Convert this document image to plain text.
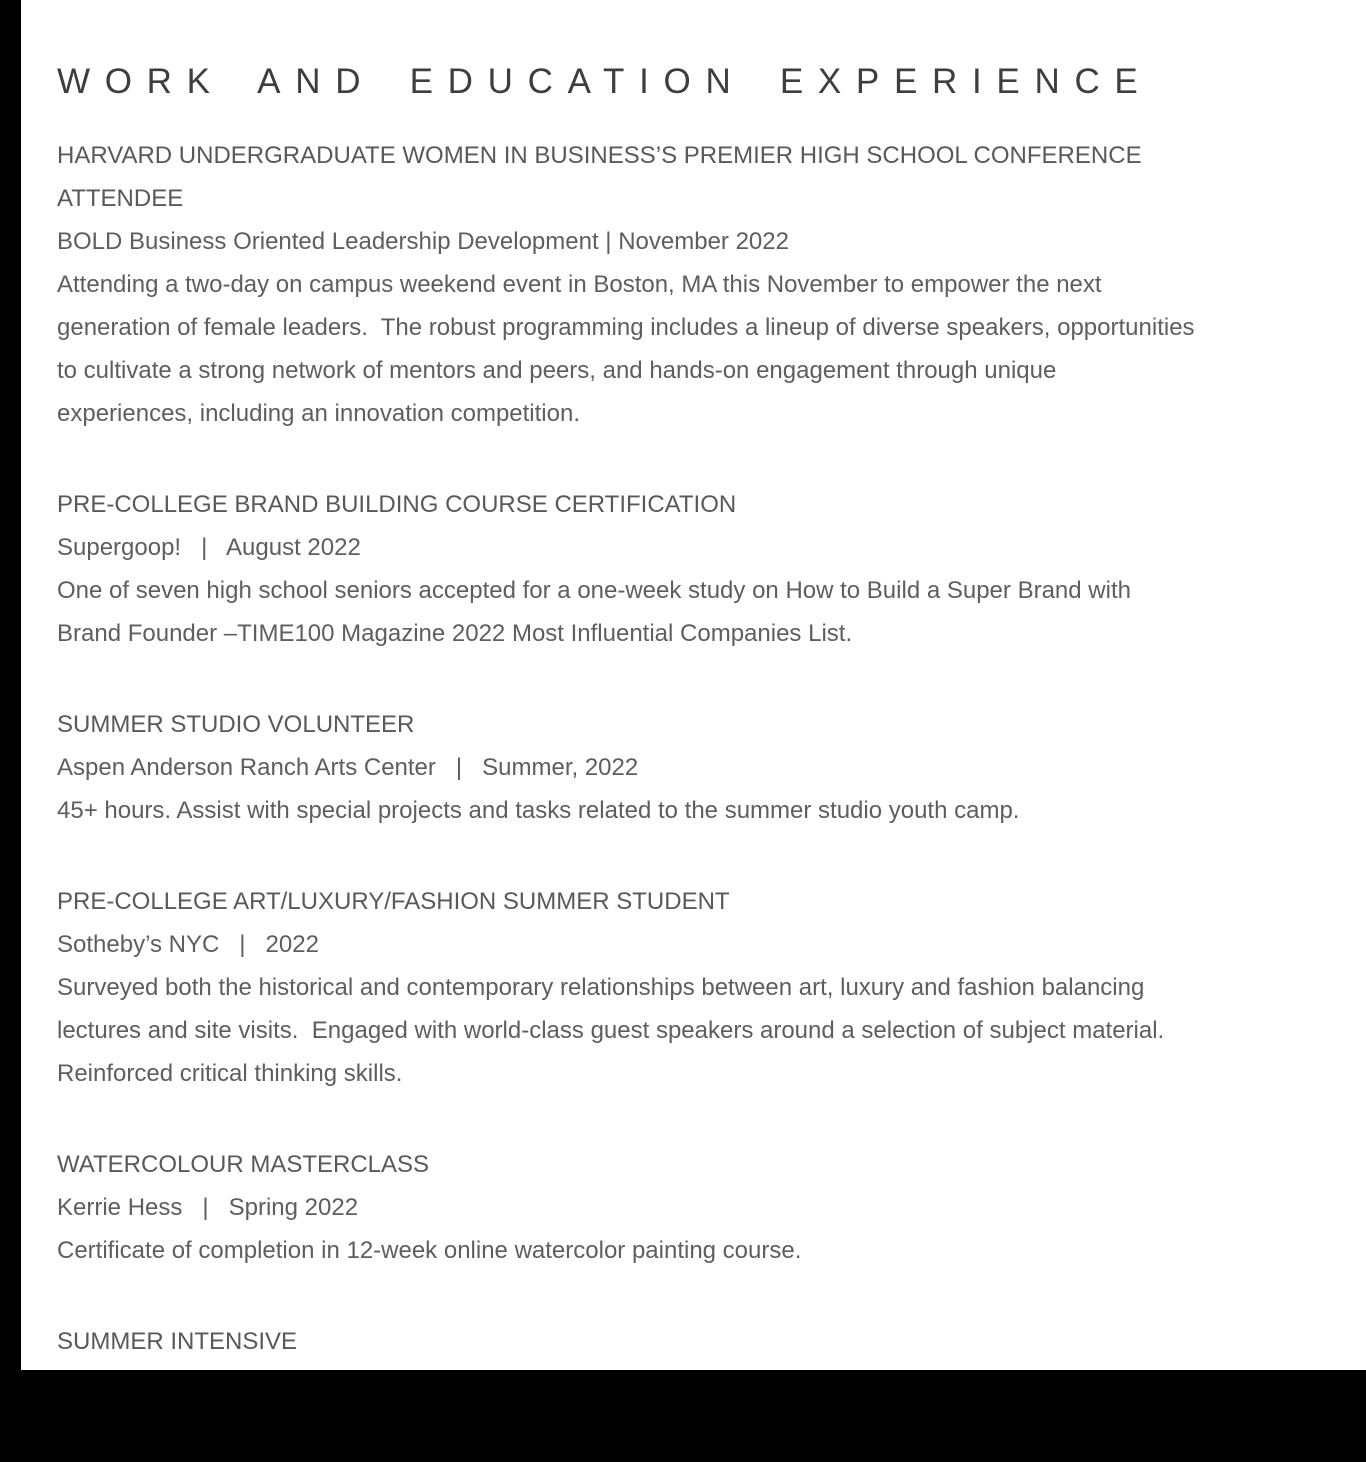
WORK AND EDUCATION EXPERIENCE
HARVARD UNDERGRADUATE WOMEN IN BUSINESS’S PREMIER HIGH SCHOOL CONFERENCE ATTENDEE
BOLD Business Oriented Leadership Development | November 2022
Attending a two-day on campus weekend event in Boston, MA this November to empower the next generation of female leaders.  The robust programming includes a lineup of diverse speakers, opportunities to cultivate a strong network of mentors and peers, and hands-on engagement through unique experiences, including an innovation competition.
PRE-COLLEGE BRAND BUILDING COURSE CERTIFICATION
Supergoop!   |   August 2022
One of seven high school seniors accepted for a one-week study on How to Build a Super Brand with Brand Founder –TIME100 Magazine 2022 Most Influential Companies List.
SUMMER STUDIO VOLUNTEER
Aspen Anderson Ranch Arts Center   |   Summer, 2022
45+ hours. Assist with special projects and tasks related to the summer studio youth camp.
PRE-COLLEGE ART/LUXURY/FASHION SUMMER STUDENT
Sotheby’s NYC   |   2022
Surveyed both the historical and contemporary relationships between art, luxury and fashion balancing lectures and site visits.  Engaged with world-class guest speakers around a selection of subject material.  Reinforced critical thinking skills.
WATERCOLOUR MASTERCLASS
Kerrie Hess   |   Spring 2022
Certificate of completion in 12-week online watercolor painting course.
SUMMER INTENSIVE
